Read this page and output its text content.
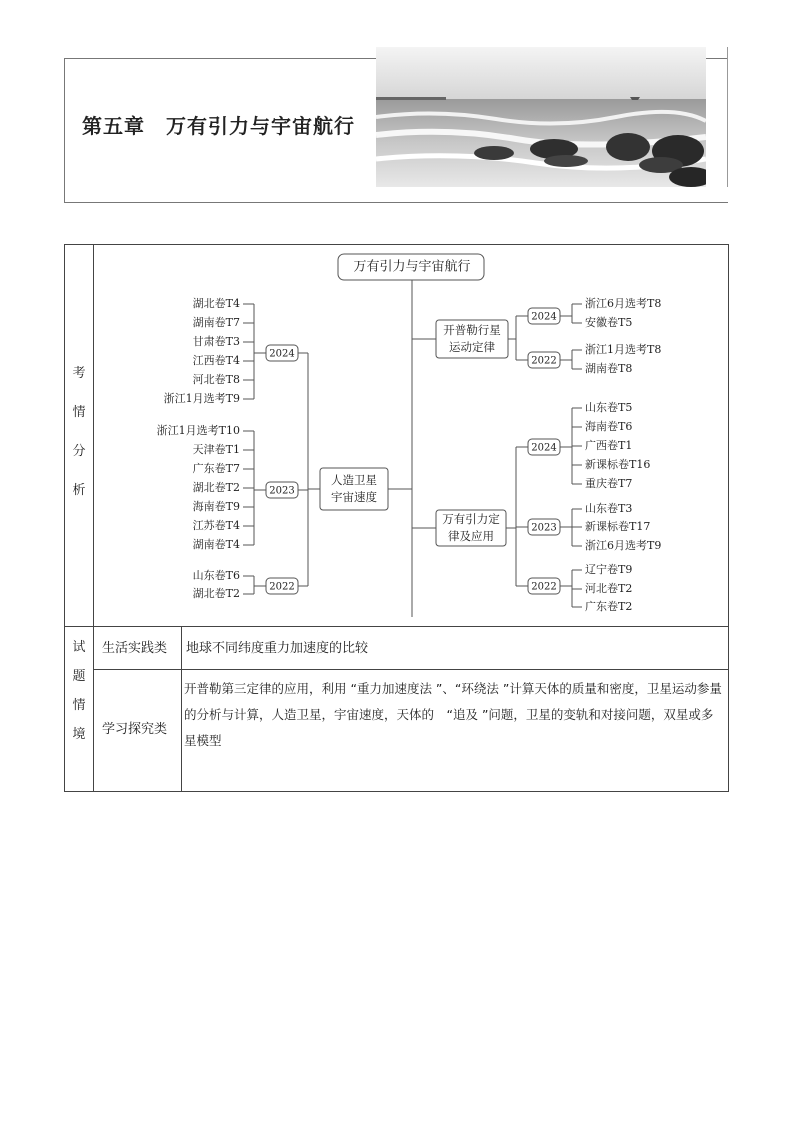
第五章　万有引力与宇宙航行
考
情
分
析
试
题
情
境
生活实践类 地球不同纬度重力加速度的比较
学习探究类
开普勒第三定律的应用，利用 “重力加速度法 ”、“环绕法 ”计算天体的质量和密度，卫星运动参量的分析与计算，人造卫星，宇宙速度，天体的　“追及 ”问题，卫星的变轨和对接问题，双星或多星模型
万有引力与宇宙航行
湖北卷T4
湖南卷T7
甘肃卷T3
江西卷T4
河北卷T8
浙江1月选考T9
2024
浙江1月选考T10
天津卷T1
广东卷T7
湖北卷T2
海南卷T9
江苏卷T4
湖南卷T4
2023
山东卷T6
湖北卷T2	2022
人造卫星
宇宙速度
开普勒行星
运动定律
2024
浙江6月选考T8
安徽卷T5
2022
浙江1月选考T8
湖南卷T8
万有引力定
律及应用
2024
山东卷T5
海南卷T6
广西卷T1
新课标卷T16
重庆卷T7
2023
山东卷T3
新课标卷T17
浙江6月选考T9
2022
辽宁卷T9
河北卷T2
广东卷T2
